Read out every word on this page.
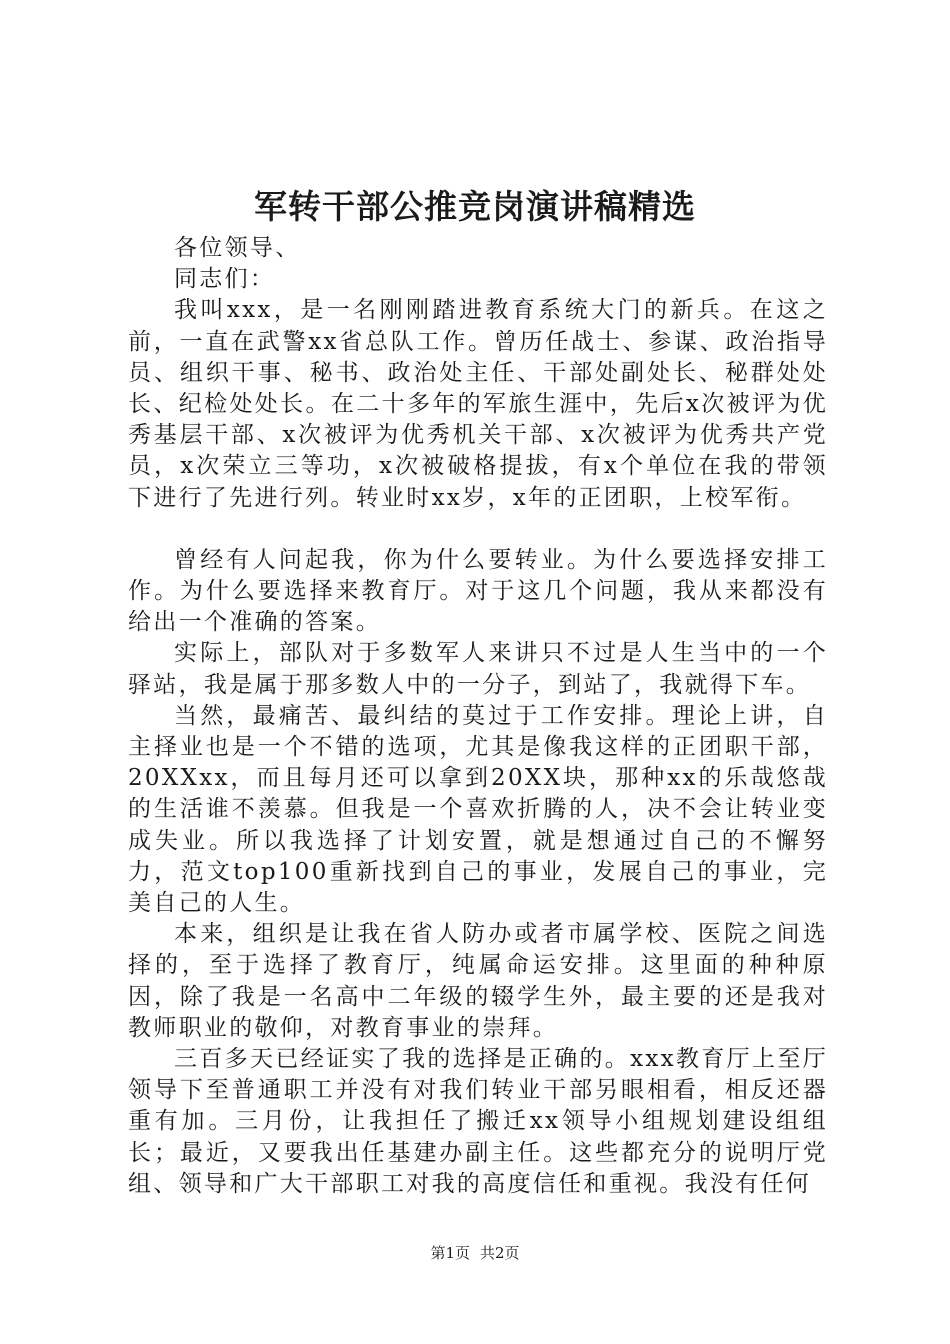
军转干部公推竞岗演讲稿精选

各位领导、

同志们：

我叫xxx，是一名刚刚踏进教育系统大门的新兵。在这之前，一直在武警xx省总队工作。曾历任战士、参谋、政治指导员、组织干事、秘书、政治处主任、干部处副处长、秘群处处长、纪检处处长。在二十多年的军旅生涯中，先后x次被评为优秀基层干部、x次被评为优秀机关干部、x次被评为优秀共产党员，x次荣立三等功，x次被破格提拔，有x个单位在我的带领下进行了先进行列。转业时xx岁，x年的正团职，上校军衔。

曾经有人问起我，你为什么要转业。为什么要选择安排工作。为什么要选择来教育厅。对于这几个问题，我从来都没有给出一个准确的答案。

实际上，部队对于多数军人来讲只不过是人生当中的一个驿站，我是属于那多数人中的一分子，到站了，我就得下车。

当然，最痛苦、最纠结的莫过于工作安排。理论上讲，自主择业也是一个不错的选项，尤其是像我这样的正团职干部，20XXxx，而且每月还可以拿到20XX块，那种xx的乐哉悠哉的生活谁不羡慕。但我是一个喜欢折腾的人，决不会让转业变成失业。所以我选择了计划安置，就是想通过自己的不懈努力，范文top100重新找到自己的事业，发展自己的事业，完美自己的人生。

本来，组织是让我在省人防办或者市属学校、医院之间选择的，至于选择了教育厅，纯属命运安排。这里面的种种原因，除了我是一名高中二年级的辍学生外，最主要的还是我对教师职业的敬仰，对教育事业的崇拜。

三百多天已经证实了我的选择是正确的。xxx教育厅上至厅领导下至普通职工并没有对我们转业干部另眼相看，相反还器重有加。三月份，让我担任了搬迁xx领导小组规划建设组组长；最近，又要我出任基建办副主任。这些都充分的说明厅党组、领导和广大干部职工对我的高度信任和重视。我没有任何

第1页 共2页
